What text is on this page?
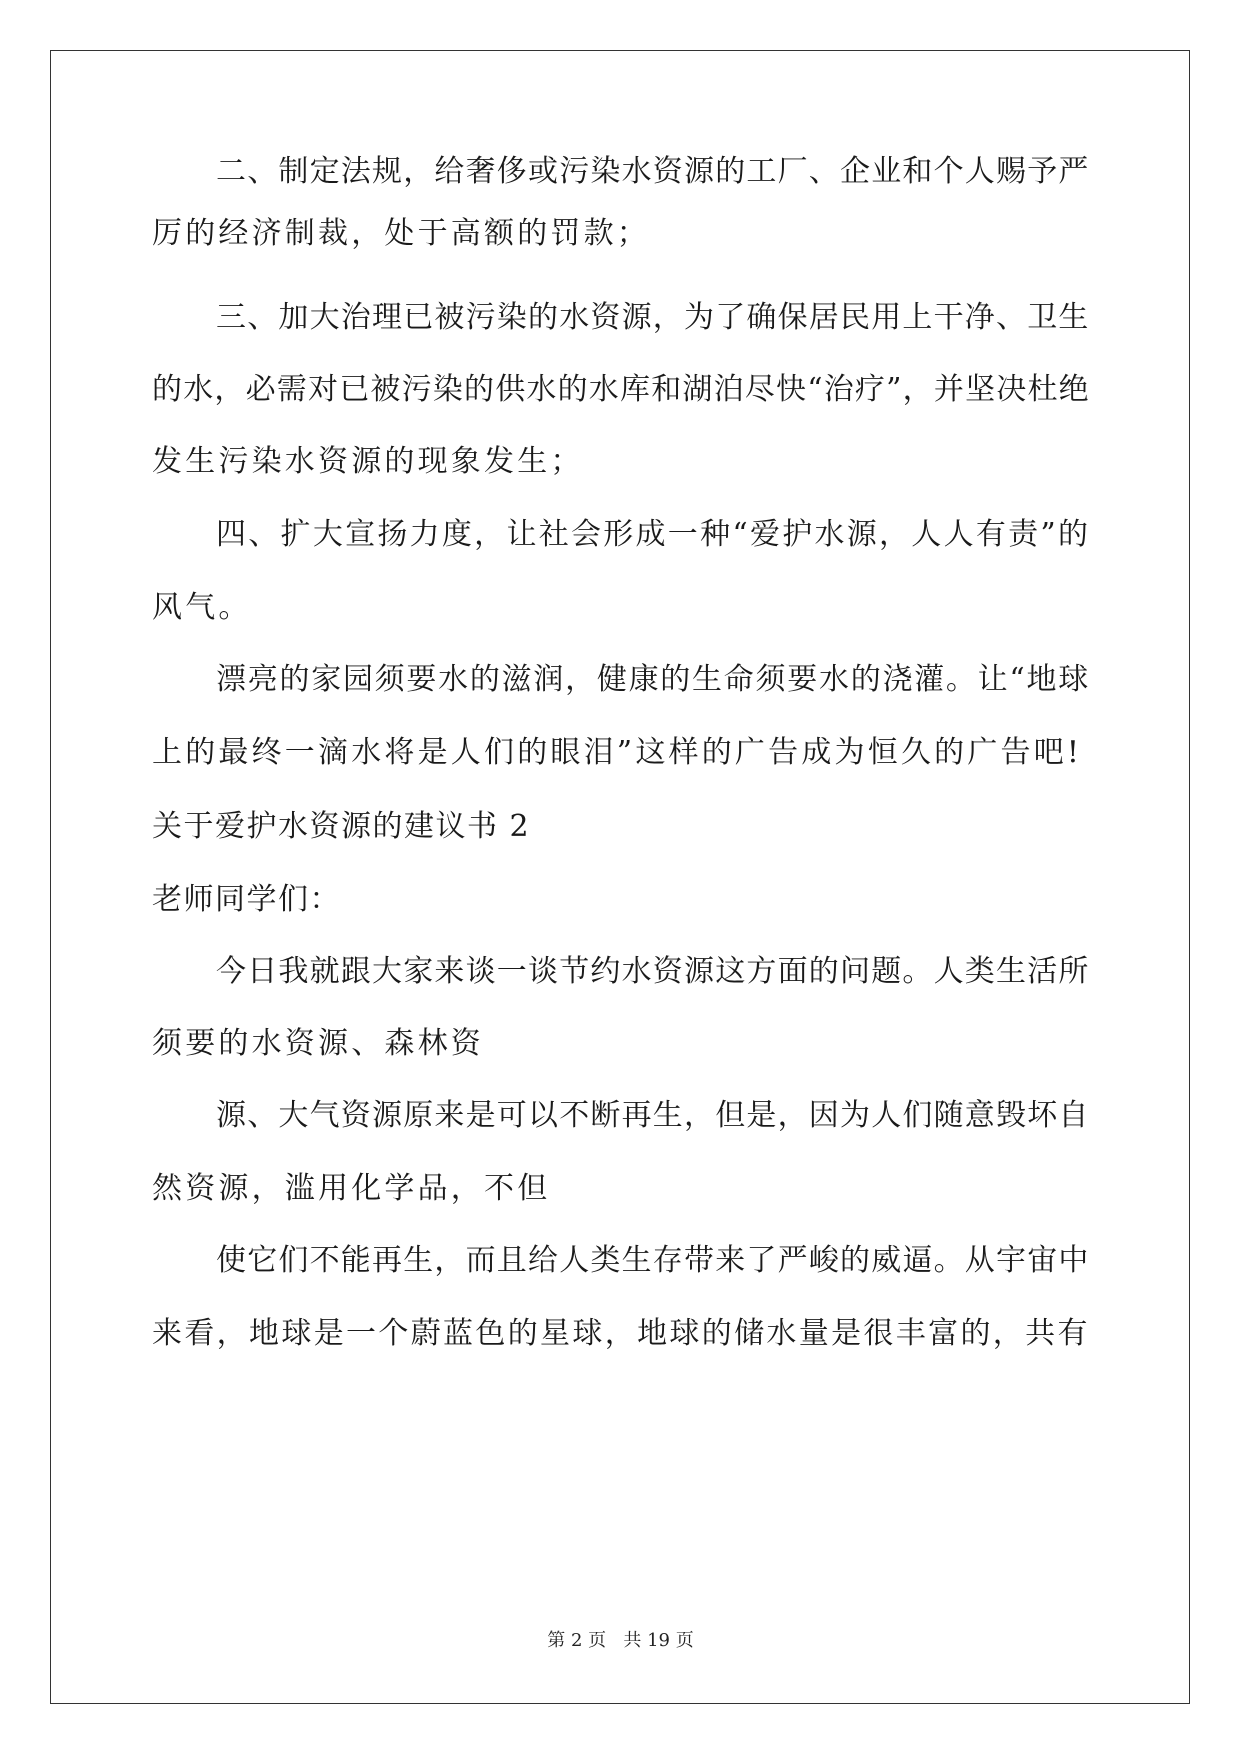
二、制定法规，给奢侈或污染水资源的工厂、企业和个人赐予严

厉的经济制裁，处于高额的罚款；

三、加大治理已被污染的水资源，为了确保居民用上干净、卫生

的水，必需对已被污染的供水的水库和湖泊尽快“治疗”，并坚决杜绝

发生污染水资源的现象发生；

四、扩大宣扬力度，让社会形成一种“爱护水源，人人有责”的

风气。

漂亮的家园须要水的滋润，健康的生命须要水的浇灌。让“地球

上的最终一滴水将是人们的眼泪”这样的广告成为恒久的广告吧!

关于爱护水资源的建议书 2

老师同学们：

今日我就跟大家来谈一谈节约水资源这方面的问题。人类生活所

须要的水资源、森林资

源、大气资源原来是可以不断再生，但是，因为人们随意毁坏自

然资源，滥用化学品，不但

使它们不能再生，而且给人类生存带来了严峻的威逼。从宇宙中

来看，地球是一个蔚蓝色的星球，地球的储水量是很丰富的，共有

第 2 页   共 19 页
